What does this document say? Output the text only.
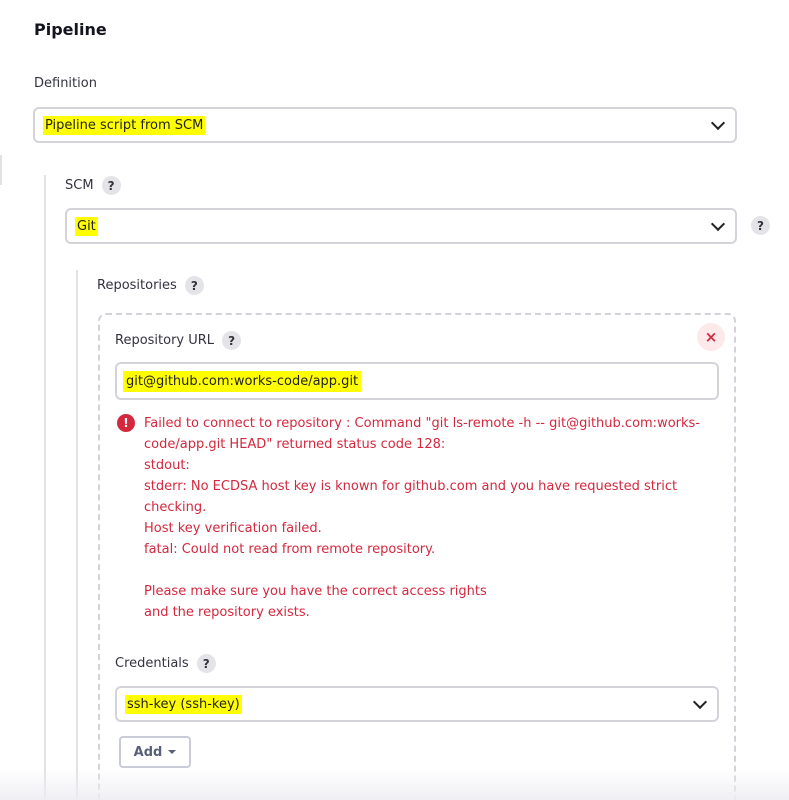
Pipeline
Definition
Pipeline script from SCM
SCM	?
Git	?
Repositories	?
×
Repository URL	?
git@github.com:works-code/app.git
!	Failed to connect to repository : Command "git ls-remote -h -- git@github.com:works-
code/app.git HEAD" returned status code 128:
stdout:
stderr: No ECDSA host key is known for github.com and you have requested strict
checking.
Host key verification failed.
fatal: Could not read from remote repository.
Please make sure you have the correct access rights
and the repository exists.
Credentials	?
ssh-key (ssh-key)
Add
